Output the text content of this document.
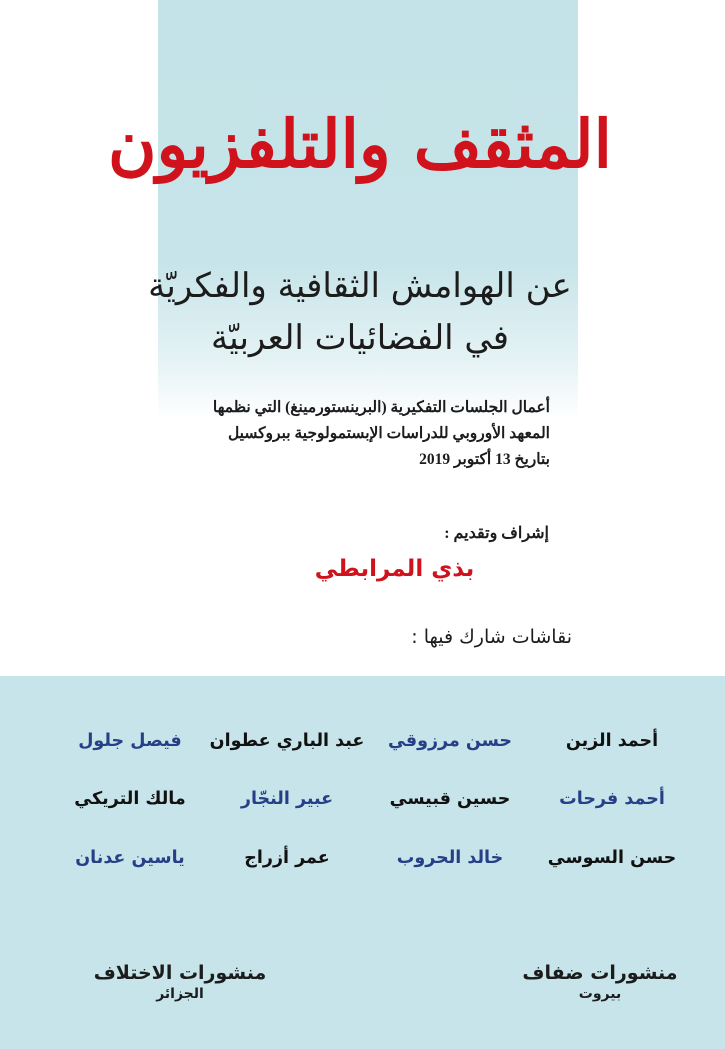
المثقف والتلفزيون
عن الهوامش الثقافية والفكريّة
في الفضائيات العربيّة
أعمال الجلسات التفكيرية (البرينستورمينغ) التي نظمها
المعهد الأوروبي للدراسات الإبستمولوجية ببروكسيل
بتاريخ 13 أكتوبر 2019
إشراف وتقديم :
بذي المرابطي
نقاشات شارك فيها :
أحمد الزين
حسن مرزوقي
عبد الباري عطوان
فيصل جلول
أحمد فرحات
حسين قبيسي
عبير النجّار
مالك التريكي
حسن السوسي
خالد الحروب
عمر أزراج
ياسين عدنان
منشورات ضفاف
بيروت
منشورات الاختلاف
الجزائر
